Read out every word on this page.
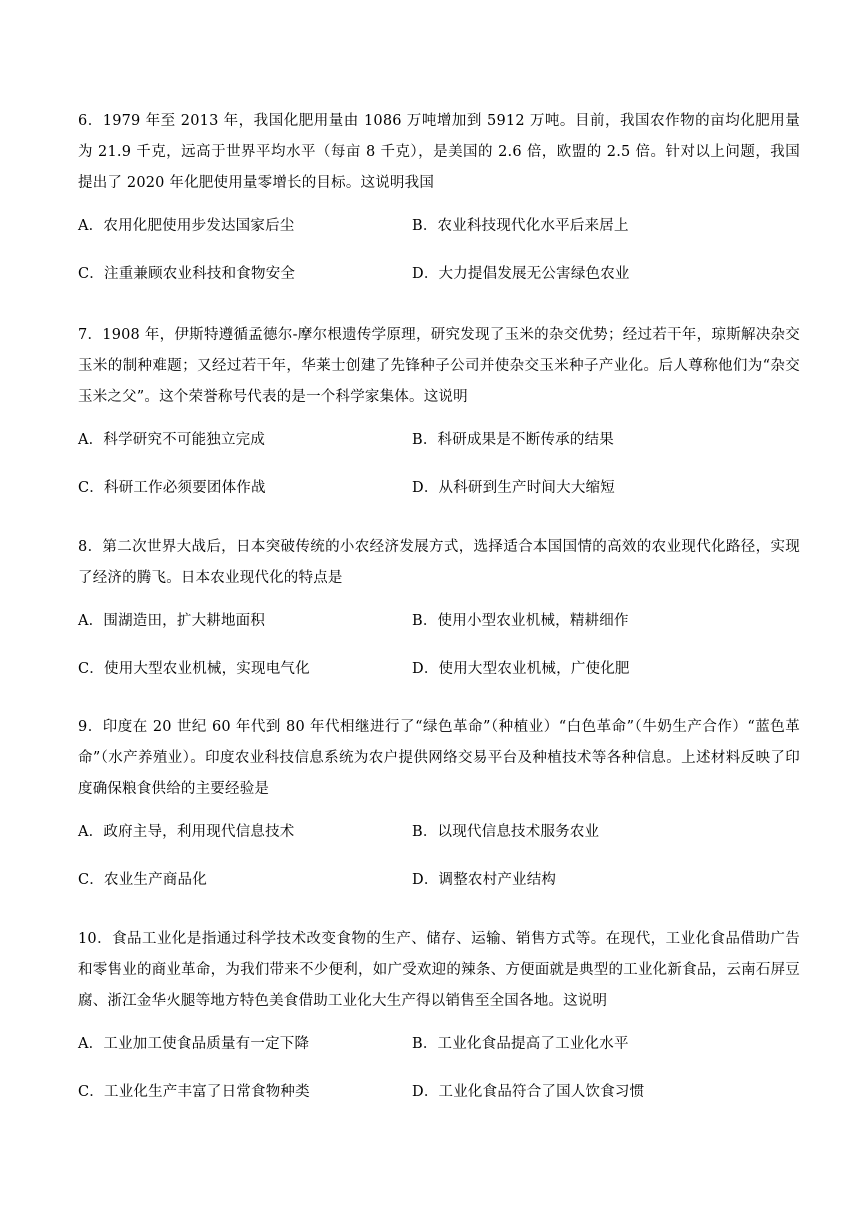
6．1979 年至 2013 年，我国化肥用量由 1086 万吨增加到 5912 万吨。目前，我国农作物的亩均化肥用量为 21.9 千克，远高于世界平均水平（每亩 8 千克），是美国的 2.6 倍，欧盟的 2.5 倍。针对以上问题，我国提出了 2020 年化肥使用量零增长的目标。这说明我国

A．农用化肥使用步发达国家后尘	B．农业科技现代化水平后来居上
C．注重兼顾农业科技和食物安全	D．大力提倡发展无公害绿色农业

7．1908 年，伊斯特遵循孟德尔-摩尔根遗传学原理，研究发现了玉米的杂交优势；经过若干年，琼斯解决杂交玉米的制种难题；又经过若干年，华莱士创建了先锋种子公司并使杂交玉米种子产业化。后人尊称他们为“杂交玉米之父”。这个荣誉称号代表的是一个科学家集体。这说明

A．科学研究不可能独立完成	B．科研成果是不断传承的结果
C．科研工作必须要团体作战	D．从科研到生产时间大大缩短

8．第二次世界大战后，日本突破传统的小农经济发展方式，选择适合本国国情的高效的农业现代化路径，实现了经济的腾飞。日本农业现代化的特点是

A．围湖造田，扩大耕地面积	B．使用小型农业机械，精耕细作
C．使用大型农业机械，实现电气化	D．使用大型农业机械，广使化肥

9．印度在 20 世纪 60 年代到 80 年代相继进行了“绿色革命”（种植业）“白色革命”（牛奶生产合作）“蓝色革命”（水产养殖业）。印度农业科技信息系统为农户提供网络交易平台及种植技术等各种信息。上述材料反映了印度确保粮食供给的主要经验是

A．政府主导，利用现代信息技术	B．以现代信息技术服务农业
C．农业生产商品化	D．调整农村产业结构

10．食品工业化是指通过科学技术改变食物的生产、储存、运输、销售方式等。在现代，工业化食品借助广告和零售业的商业革命，为我们带来不少便利，如广受欢迎的辣条、方便面就是典型的工业化新食品，云南石屏豆腐、浙江金华火腿等地方特色美食借助工业化大生产得以销售至全国各地。这说明

A．工业加工使食品质量有一定下降	B．工业化食品提高了工业化水平
C．工业化生产丰富了日常食物种类	D．工业化食品符合了国人饮食习惯
